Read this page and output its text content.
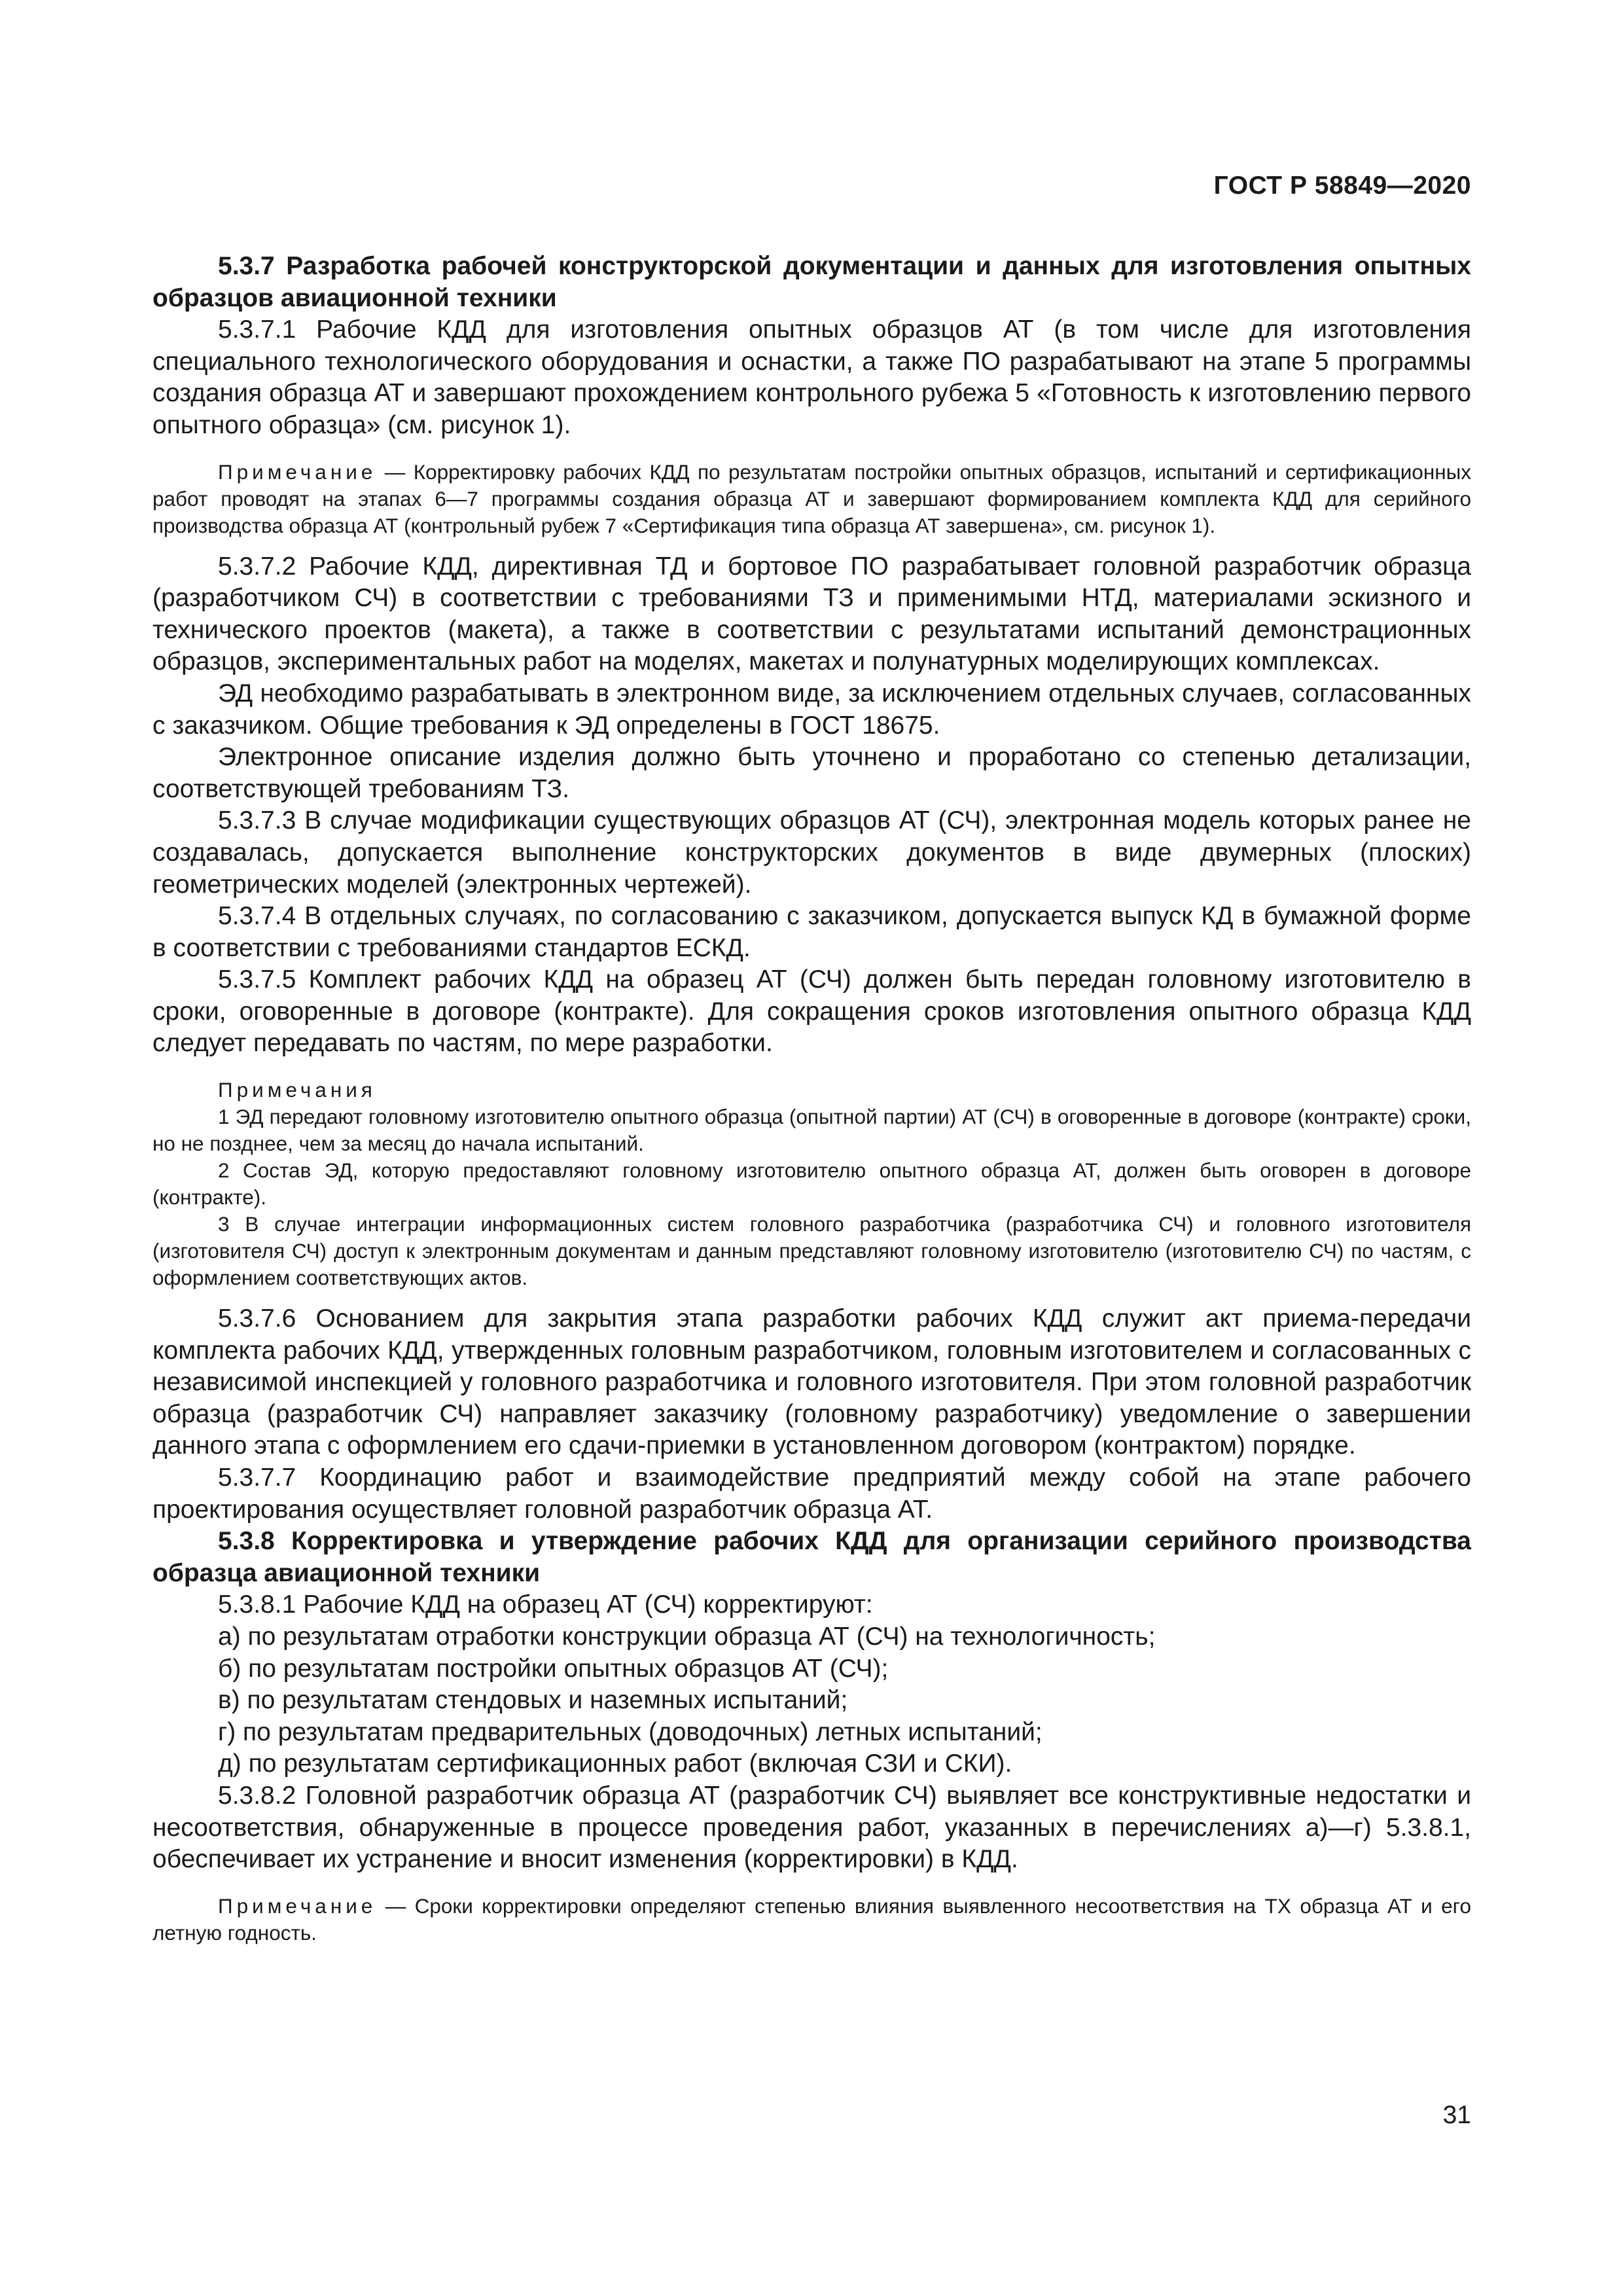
ГОСТ Р 58849—2020

5.3.7 Разработка рабочей конструкторской документации и данных для изготовления опытных образцов авиационной техники

5.3.7.1 Рабочие КДД для изготовления опытных образцов АТ (в том числе для изготовления специального технологического оборудования и оснастки, а также ПО разрабатывают на этапе 5 программы создания образца АТ и завершают прохождением контрольного рубежа 5 «Готовность к изготовлению первого опытного образца» (см. рисунок 1).

Примечание — Корректировку рабочих КДД по результатам постройки опытных образцов, испытаний и сертификационных работ проводят на этапах 6—7 программы создания образца АТ и завершают формированием комплекта КДД для серийного производства образца АТ (контрольный рубеж 7 «Сертификация типа образца АТ завершена», см. рисунок 1).

5.3.7.2 Рабочие КДД, директивная ТД и бортовое ПО разрабатывает головной разработчик образца (разработчиком СЧ) в соответствии с требованиями ТЗ и применимыми НТД, материалами эскизного и технического проектов (макета), а также в соответствии с результатами испытаний демонстрационных образцов, экспериментальных работ на моделях, макетах и полунатурных моделирующих комплексах.

ЭД необходимо разрабатывать в электронном виде, за исключением отдельных случаев, согласованных с заказчиком. Общие требования к ЭД определены в ГОСТ 18675.

Электронное описание изделия должно быть уточнено и проработано со степенью детализации, соответствующей требованиям ТЗ.

5.3.7.3 В случае модификации существующих образцов АТ (СЧ), электронная модель которых ранее не создавалась, допускается выполнение конструкторских документов в виде двумерных (плоских) геометрических моделей (электронных чертежей).

5.3.7.4 В отдельных случаях, по согласованию с заказчиком, допускается выпуск КД в бумажной форме в соответствии с требованиями стандартов ЕСКД.

5.3.7.5 Комплект рабочих КДД на образец АТ (СЧ) должен быть передан головному изготовителю в сроки, оговоренные в договоре (контракте). Для сокращения сроков изготовления опытного образца КДД следует передавать по частям, по мере разработки.

Примечания

1 ЭД передают головному изготовителю опытного образца (опытной партии) АТ (СЧ) в оговоренные в договоре (контракте) сроки, но не позднее, чем за месяц до начала испытаний.

2 Состав ЭД, которую предоставляют головному изготовителю опытного образца АТ, должен быть оговорен в договоре (контракте).

3 В случае интеграции информационных систем головного разработчика (разработчика СЧ) и головного изготовителя (изготовителя СЧ) доступ к электронным документам и данным представляют головному изготовителю (изготовителю СЧ) по частям, с оформлением соответствующих актов.

5.3.7.6 Основанием для закрытия этапа разработки рабочих КДД служит акт приема-передачи комплекта рабочих КДД, утвержденных головным разработчиком, головным изготовителем и согласованных с независимой инспекцией у головного разработчика и головного изготовителя. При этом головной разработчик образца (разработчик СЧ) направляет заказчику (головному разработчику) уведомление о завершении данного этапа с оформлением его сдачи-приемки в установленном договором (контрактом) порядке.

5.3.7.7 Координацию работ и взаимодействие предприятий между собой на этапе рабочего проектирования осуществляет головной разработчик образца АТ.

5.3.8 Корректировка и утверждение рабочих КДД для организации серийного производства образца авиационной техники

5.3.8.1 Рабочие КДД на образец АТ (СЧ) корректируют:

а) по результатам отработки конструкции образца АТ (СЧ) на технологичность;

б) по результатам постройки опытных образцов АТ (СЧ);

в) по результатам стендовых и наземных испытаний;

г) по результатам предварительных (доводочных) летных испытаний;

д) по результатам сертификационных работ (включая СЗИ и СКИ).

5.3.8.2 Головной разработчик образца АТ (разработчик СЧ) выявляет все конструктивные недостатки и несоответствия, обнаруженные в процессе проведения работ, указанных в перечислениях а)—г) 5.3.8.1, обеспечивает их устранение и вносит изменения (корректировки) в КДД.

Примечание — Сроки корректировки определяют степенью влияния выявленного несоответствия на ТХ образца АТ и его летную годность.

31
